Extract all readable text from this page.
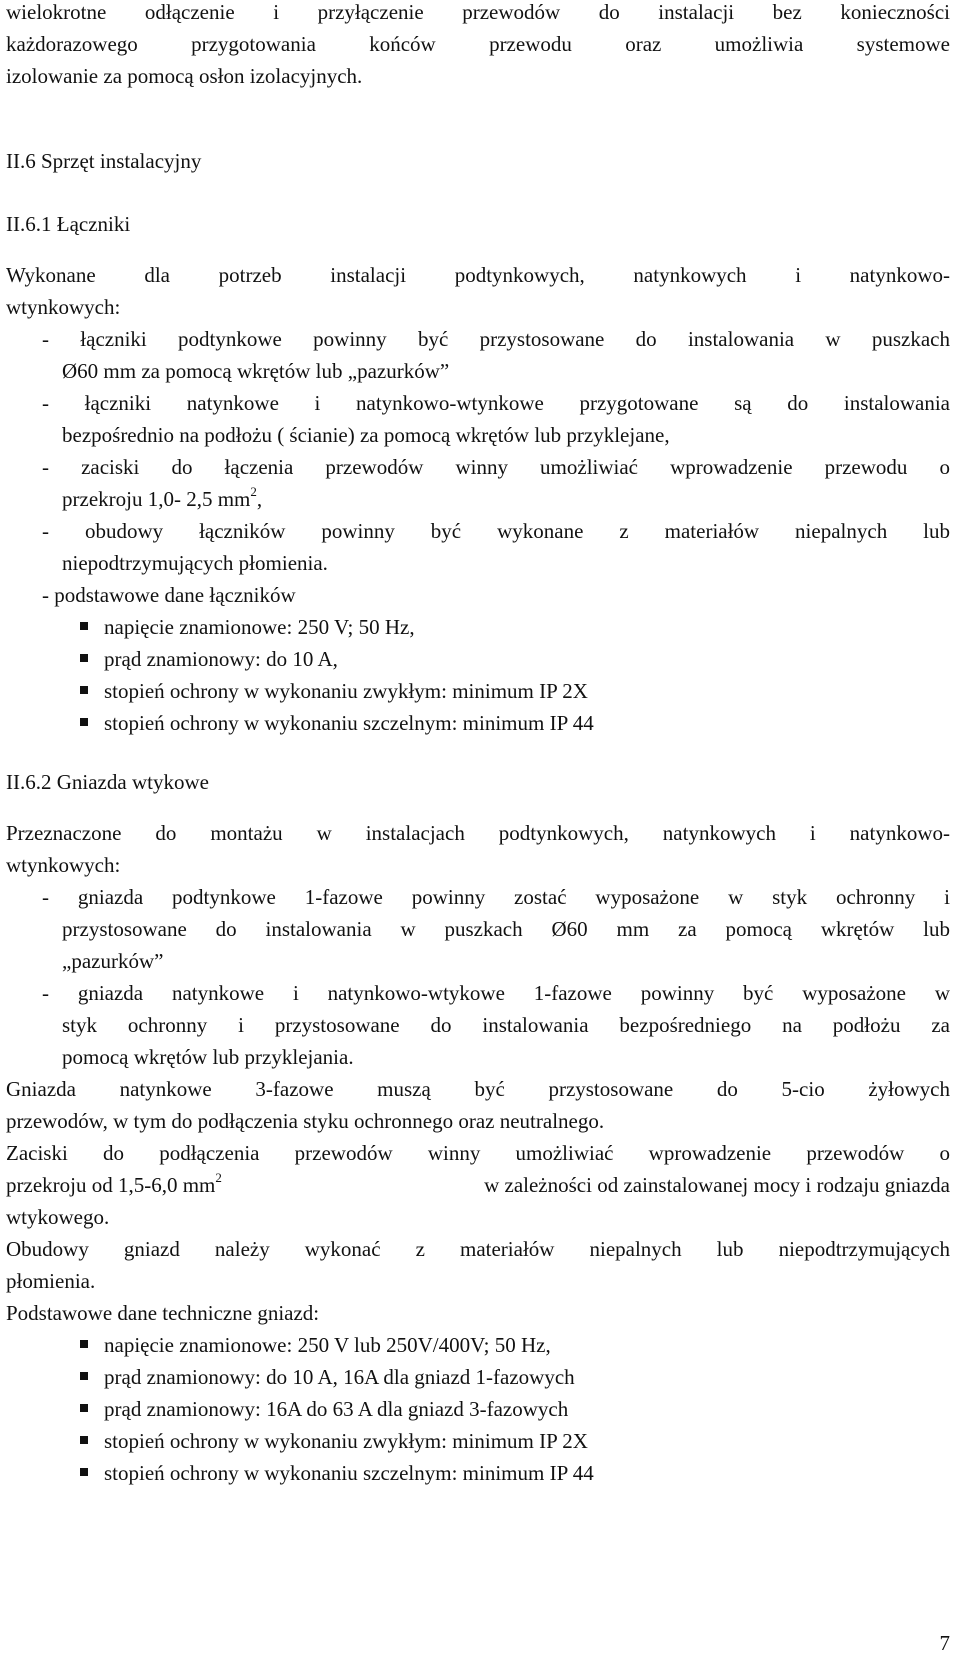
wielokrotne odłączenie i przyłączenie przewodów do instalacji bez konieczności
każdorazowego przygotowania końców przewodu oraz umożliwia systemowe
izolowanie za pomocą osłon izolacyjnych.
II.6 Sprzęt instalacyjny
II.6.1 Łączniki
Wykonane dla potrzeb instalacji podtynkowych, natynkowych i natynkowo-
wtynkowych:
- łączniki podtynkowe powinny być przystosowane do instalowania w puszkach
Ø60 mm za pomocą wkrętów lub „pazurków”
- łączniki natynkowe i natynkowo-wtynkowe przygotowane są do instalowania
bezpośrednio na podłożu ( ścianie) za pomocą wkrętów lub przyklejane,
- zaciski do łączenia przewodów winny umożliwiać wprowadzenie przewodu o
przekroju 1,0- 2,5 $mm^2$,
- obudowy łączników powinny być wykonane z materiałów niepalnych lub
niepodtrzymujących płomienia.
- podstawowe dane łączników
napięcie znamionowe: 250 V; 50 Hz,
prąd znamionowy: do 10 A,
stopień ochrony w wykonaniu zwykłym: minimum IP 2X
stopień ochrony w wykonaniu szczelnym: minimum IP 44
II.6.2 Gniazda wtykowe
Przeznaczone do montażu w instalacjach podtynkowych, natynkowych i natynkowo-
wtynkowych:
- gniazda podtynkowe 1-fazowe powinny zostać wyposażone w styk ochronny i
przystosowane do instalowania w puszkach Ø60 mm za pomocą wkrętów lub
„pazurków”
- gniazda natynkowe i natynkowo-wtykowe 1-fazowe powinny być wyposażone w
styk ochronny i przystosowane do instalowania bezpośredniego na podłożu za
pomocą wkrętów lub przyklejania.
Gniazda natynkowe 3-fazowe muszą być przystosowane do 5-cio żyłowych
przewodów, w tym do podłączenia styku ochronnego oraz neutralnego.
Zaciski do podłączenia przewodów winny umożliwiać wprowadzenie przewodów o
przekroju od 1,5-6,0 $mm^2$	w zależności od zainstalowanej mocy i rodzaju gniazda
wtykowego.
Obudowy gniazd należy wykonać z materiałów niepalnych lub niepodtrzymujących
płomienia.
Podstawowe dane techniczne gniazd:
napięcie znamionowe: 250 V lub 250V/400V; 50 Hz,
prąd znamionowy: do 10 A, 16A dla gniazd 1-fazowych
prąd znamionowy: 16A do 63 A dla gniazd 3-fazowych
stopień ochrony w wykonaniu zwykłym: minimum IP 2X
stopień ochrony w wykonaniu szczelnym: minimum IP 44
7
